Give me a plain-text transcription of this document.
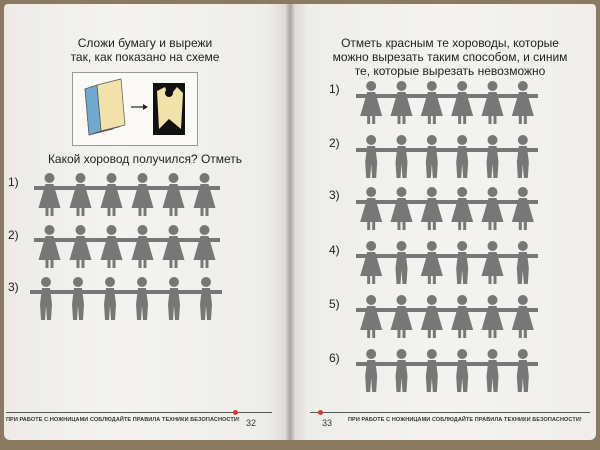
Сложи бумагу и вырежи
так, как показано на схеме
Какой хоровод получился? Отметь
1)
2)
3)
ПРИ РАБОТЕ С НОЖНИЦАМИ СОБЛЮДАЙТЕ ПРАВИЛА ТЕХНИКИ БЕЗОПАСНОСТИ! 32
Отметь красным те хороводы, которые
можно вырезать таким способом, и синим
те, которые вырезать невозможно
1)
2)
3)
4)
5)
6)
33	ПРИ РАБОТЕ С НОЖНИЦАМИ СОБЛЮДАЙТЕ ПРАВИЛА ТЕХНИКИ БЕЗОПАСНОСТИ!
